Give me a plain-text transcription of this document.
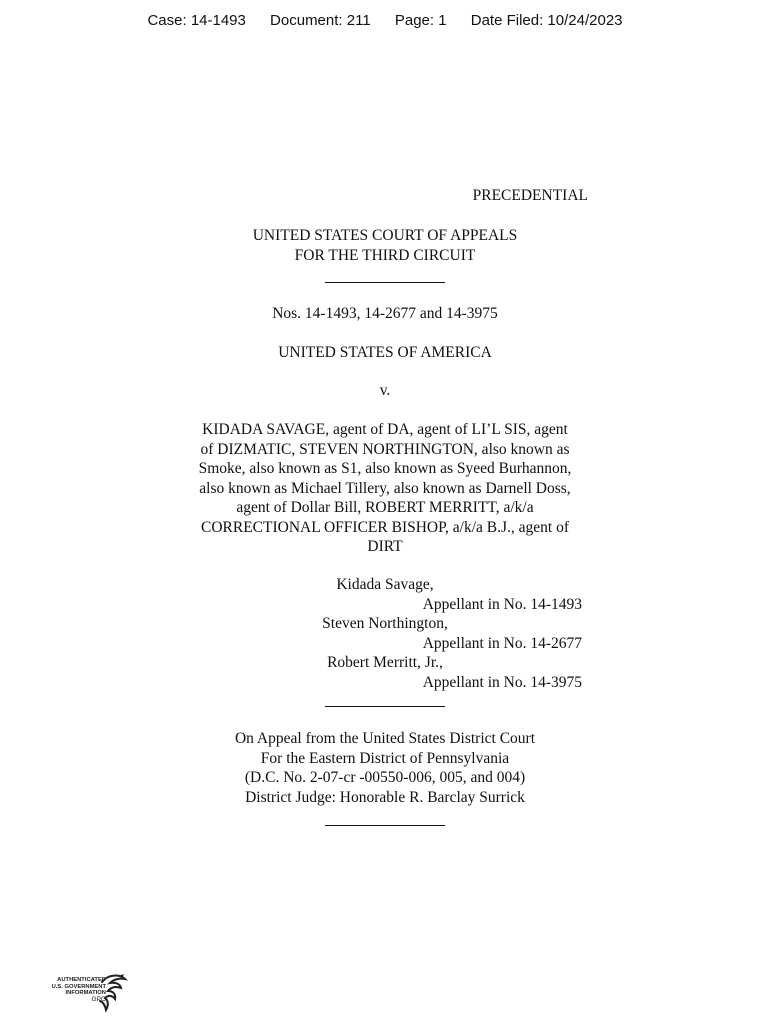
Case: 14-1493 Document: 211 Page: 1 Date Filed: 10/24/2023
PRECEDENTIAL
UNITED STATES COURT OF APPEALS
FOR THE THIRD CIRCUIT
Nos. 14-1493, 14-2677 and 14-3975
UNITED STATES OF AMERICA
v.
KIDADA SAVAGE, agent of DA, agent of LI’L SIS, agent
of DIZMATIC, STEVEN NORTHINGTON, also known as
Smoke, also known as S1, also known as Syeed Burhannon,
also known as Michael Tillery, also known as Darnell Doss,
agent of Dollar Bill, ROBERT MERRITT, a/k/a
CORRECTIONAL OFFICER BISHOP, a/k/a B.J., agent of
DIRT
Kidada Savage,
Appellant in No. 14-1493
Steven Northington,
Appellant in No. 14-2677
Robert Merritt, Jr.,
Appellant in No. 14-3975
On Appeal from the United States District Court
For the Eastern District of Pennsylvania
(D.C. No. 2-07-cr -00550-006, 005, and 004)
District Judge: Honorable R. Barclay Surrick
AUTHENTICATED
U.S. GOVERNMENT
INFORMATION
GPO
